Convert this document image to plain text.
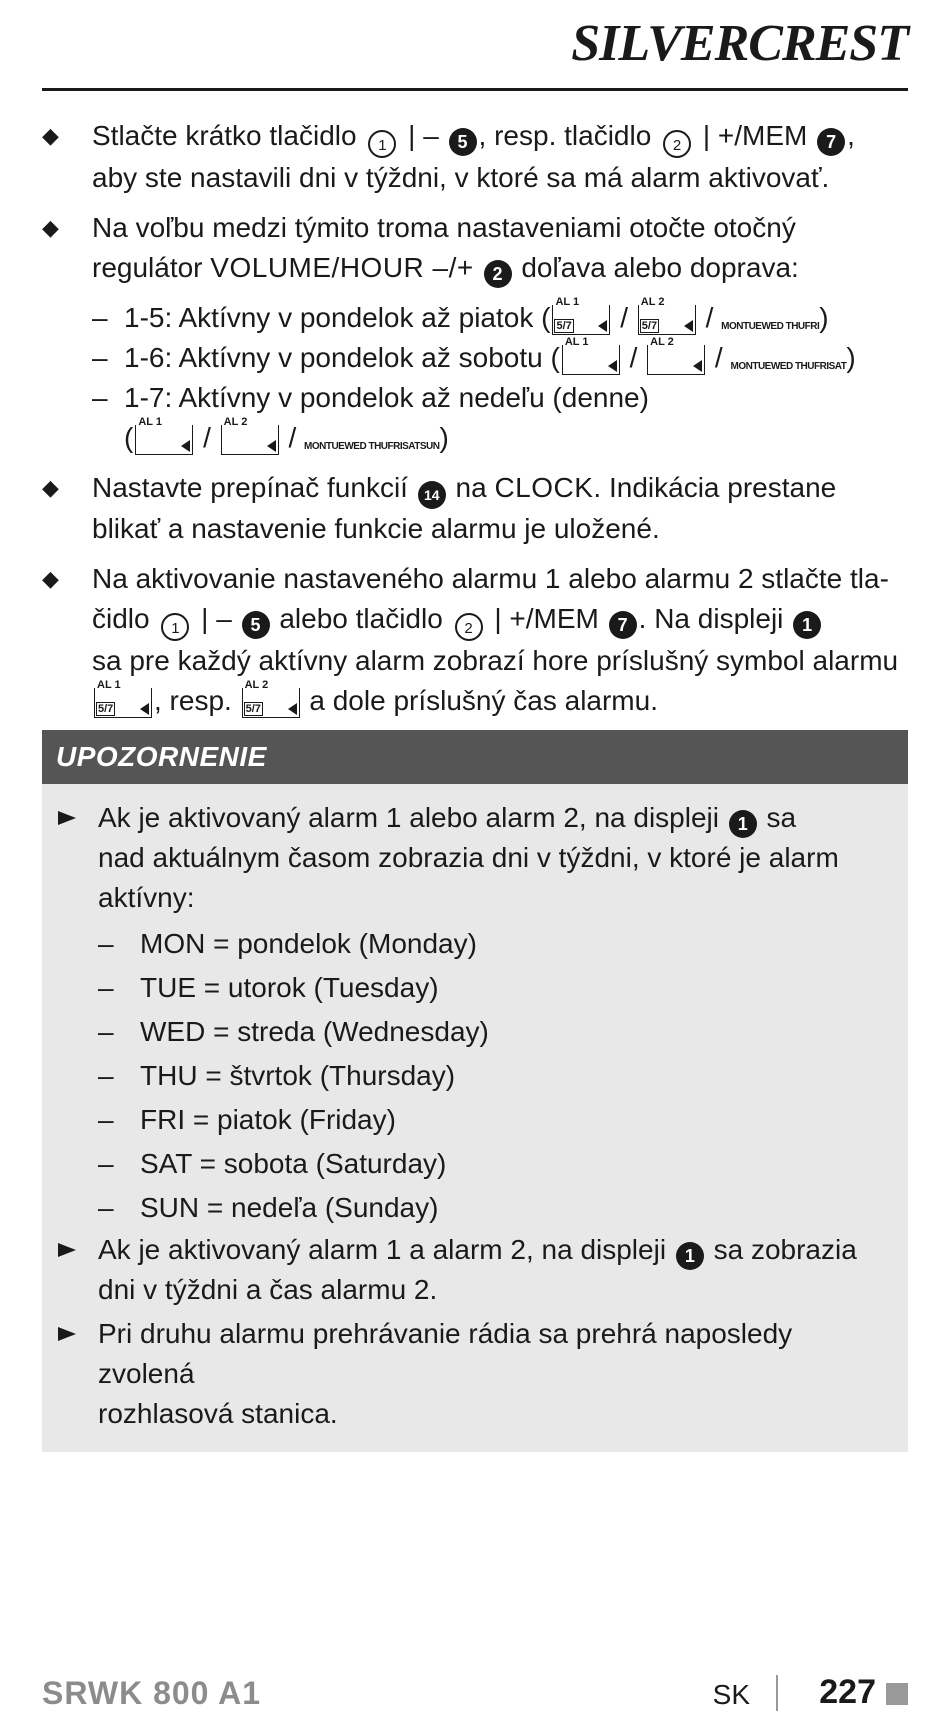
SILVERCREST
◆ Stlačte krátko tlačidlo 1 | – 5 , resp. tlačidlo 2 | +/MEM 7 ,
aby ste nastavili dni v týždni, v ktoré sa má alarm aktivovať.
◆ Na voľbu medzi týmito troma nastaveniami otočte otočný
regulátor VOLUME/HOUR –/+ 2 doľava alebo doprava:
– 1-5: Aktívny v pondelok až piatok ( $\frac{AL 1}{5/7} / \frac{AL 2}{5/7}$ / MONTUEWED THUFRI)
– 1-6: Aktívny v pondelok až sobotu ( AL 1 / AL 2 / MONTUEWED THUFRISAT)
– 1-7: Aktívny v pondelok až nedeľu (denne)
( AL 1 / AL 2 / MONTUEWED THUFRISATSUN)
◆ Nastavte prepínač funkcií 14 na CLOCK. Indikácia prestane
blikať a nastavenie funkcie alarmu je uložené.
◆ Na aktivovanie nastaveného alarmu 1 alebo alarmu 2 stlačte tla-
čidlo 1 | – 5 alebo tlačidlo 2 | +/MEM 7 . Na displeji 1
sa pre každý aktívny alarm zobrazí hore príslušný symbol alarmu

$\frac{AL 1}{5/7}$ , resp. $\frac{AL 2}{5/7}$ a dole príslušný čas alarmu.
UPOZORNENIE
Ak je aktivovaný alarm 1 alebo alarm 2, na displeji 1 sa
nad aktuálnym časom zobrazia dni v týždni, v ktoré je alarm
aktívny:
– MON = pondelok (Monday)
– TUE = utorok (Tuesday)
– WED = streda (Wednesday)
– THU = štvrtok (Thursday)
– FRI = piatok (Friday)
– SAT = sobota (Saturday)
– SUN = nedeľa (Sunday)
Ak je aktivovaný alarm 1 a alarm 2, na displeji 1 sa zobrazia
dni v týždni a čas alarmu 2.
Pri druhu alarmu prehrávanie rádia sa prehrá naposledy zvolená
rozhlasová stanica.
SRWK 800 A1	SK 227
